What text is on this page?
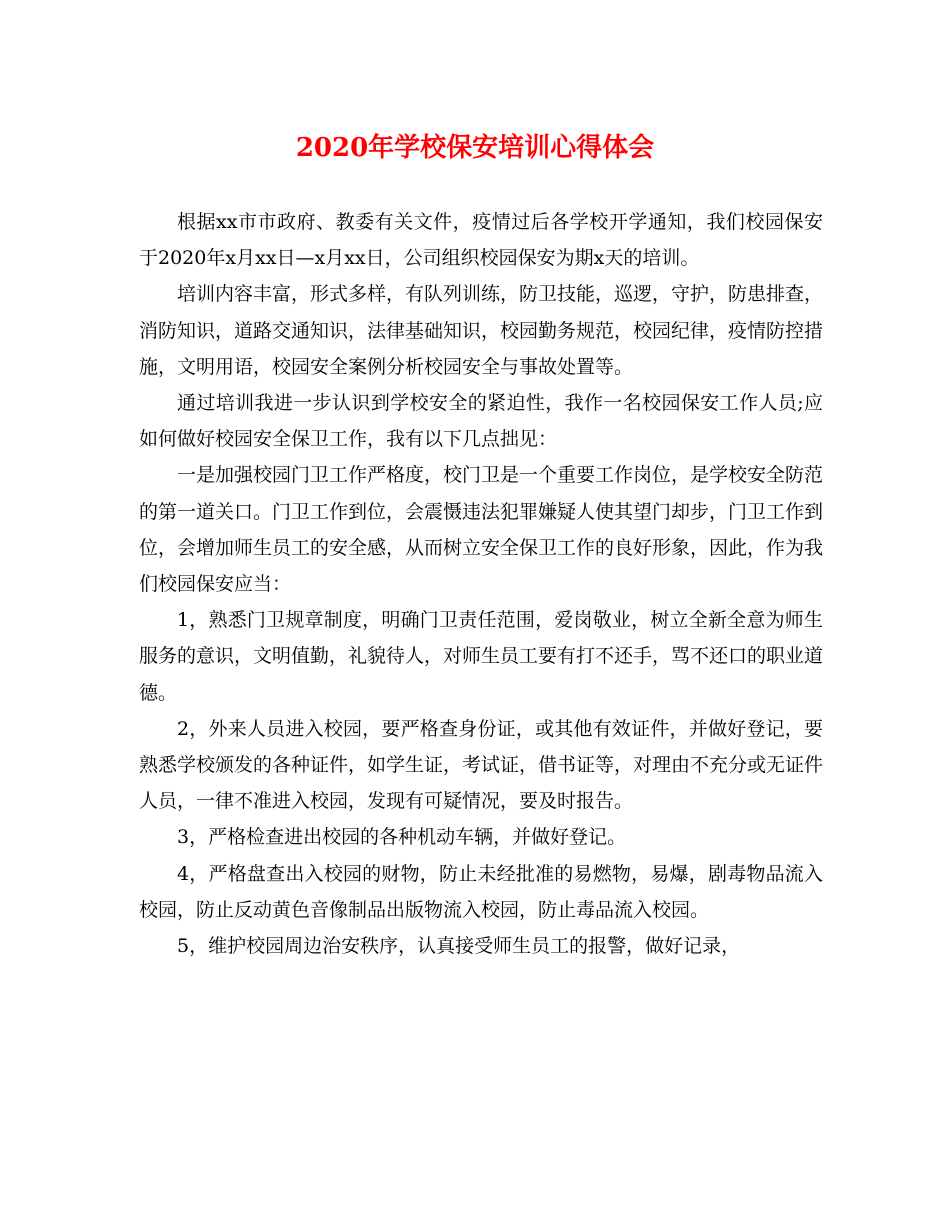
2020年学校保安培训心得体会

根据xx市市政府、教委有关文件，疫情过后各学校开学通知，我们校园保安于2020年x月xx日—x月xx日，公司组织校园保安为期x天的培训。

培训内容丰富，形式多样，有队列训练，防卫技能，巡逻，守护，防患排查，消防知识，道路交通知识，法律基础知识，校园勤务规范，校园纪律，疫情防控措施，文明用语，校园安全案例分析校园安全与事故处置等。

通过培训我进一步认识到学校安全的紧迫性，我作一名校园保安工作人员;应如何做好校园安全保卫工作，我有以下几点拙见：

一是加强校园门卫工作严格度，校门卫是一个重要工作岗位，是学校安全防范的第一道关口。门卫工作到位，会震慑违法犯罪嫌疑人使其望门却步，门卫工作到位，会增加师生员工的安全感，从而树立安全保卫工作的良好形象，因此，作为我们校园保安应当：

1，熟悉门卫规章制度，明确门卫责任范围，爱岗敬业，树立全新全意为师生服务的意识，文明值勤，礼貌待人，对师生员工要有打不还手，骂不还口的职业道德。

2，外来人员进入校园，要严格查身份证，或其他有效证件，并做好登记，要熟悉学校颁发的各种证件，如学生证，考试证，借书证等，对理由不充分或无证件人员，一律不准进入校园，发现有可疑情况，要及时报告。

3，严格检查进出校园的各种机动车辆，并做好登记。

4，严格盘查出入校园的财物，防止未经批准的易燃物，易爆，剧毒物品流入校园，防止反动黄色音像制品出版物流入校园，防止毒品流入校园。

5，维护校园周边治安秩序，认真接受师生员工的报警，做好记录，
